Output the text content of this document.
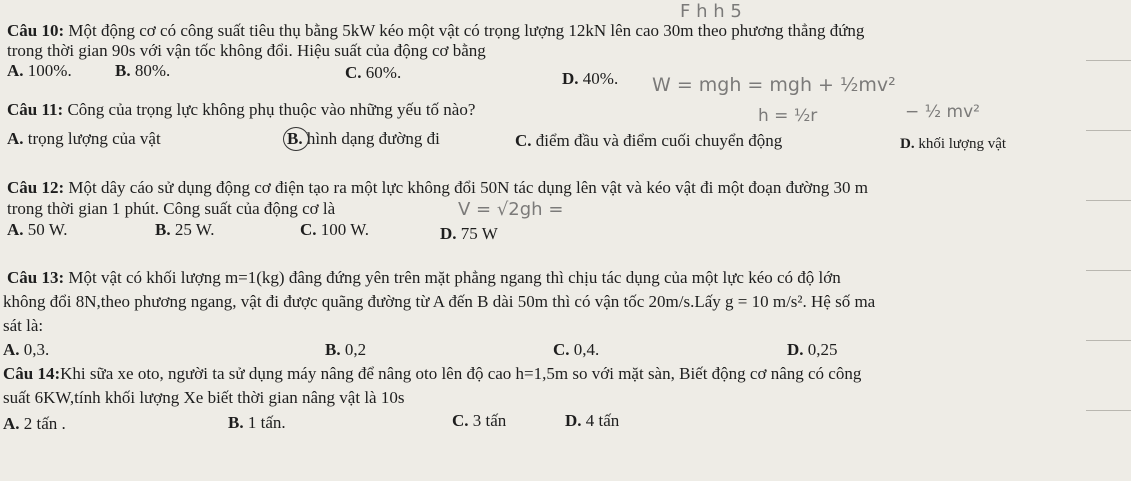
Câu 10: Một động cơ có công suất tiêu thụ bằng 5kW kéo một vật có trọng lượng 12kN lên cao 30m theo phương thẳng đứng
trong thời gian 90s với vận tốc không đổi. Hiệu suất của động cơ bằng
A. 100%.	B. 80%.	C. 60%.	D. 40%.
Câu 11: Công của trọng lực không phụ thuộc vào những yếu tố nào?
A. trọng lượng của vật	B. hình dạng đường đi	C. điểm đầu và điểm cuối chuyển động	D. khối lượng vật
Câu 12: Một dây cáo sử dụng động cơ điện tạo ra một lực không đổi 50N tác dụng lên vật và kéo vật đi một đoạn đường 30 m
trong thời gian 1 phút. Công suất của động cơ là
A. 50 W.	B. 25 W.	C. 100 W.	D. 75 W
Câu 13: Một vật có khối lượng m=1(kg) đâng đứng yên trên mặt phẳng ngang thì chịu tác dụng của một lực kéo có độ lớn
không đổi 8N,theo phương ngang, vật đi được quãng đường từ A đến B dài 50m thì có vận tốc 20m/s.Lấy g = 10 m/s². Hệ số ma
sát là:
A. 0,3.	B. 0,2	C. 0,4.	D. 0,25
Câu 14:Khi sữa xe oto, người ta sử dụng máy nâng để nâng oto lên độ cao h=1,5m so với mặt sàn, Biết động cơ nâng có công
suất 6KW,tính khối lượng Xe biết thời gian nâng vật là 10s
A. 2 tấn .	B. 1 tấn.	C. 3 tấn	D. 4 tấn
F h h 5
W = mgh = mgh + ½mv²
h = ½r	− ½ mv²
V = √2gh =
